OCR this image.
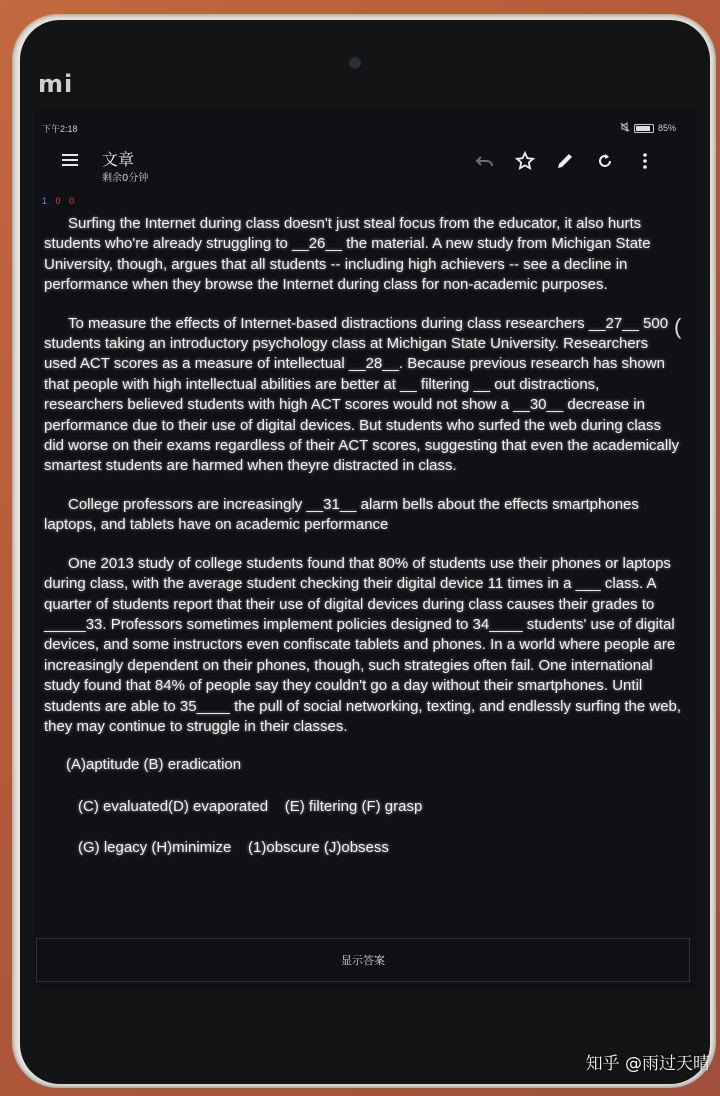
mi
下午2:18	85%
文章
剩余0分钟
1 0 0

Surfing the Internet during class doesn't just steal focus from the educator, it also hurts students who're already struggling to __26__ the material. A new study from Michigan State University, though, argues that all students -- including high achievers -- see a decline in performance when they browse the Internet during class for non-academic purposes.

To measure the effects of Internet-based distractions during class researchers __27__ 500 students taking an introductory psychology class at Michigan State University. Researchers used ACT scores as a measure of intellectual __28__. Because previous research has shown that people with high intellectual abilities are better at __ filtering __ out distractions, researchers believed students with high ACT scores would not show a __30__ decrease in performance due to their use of digital devices. But students who surfed the web during class did worse on their exams regardless of their ACT scores, suggesting that even the academically smartest students are harmed when theyre distracted in class.

College professors are increasingly __31__ alarm bells about the effects smartphones laptops, and tablets have on academic performance

One 2013 study of college students found that 80% of students use their phones or laptops during class, with the average student checking their digital device 11 times in a ___ class. A quarter of students report that their use of digital devices during class causes their grades to _____33. Professors sometimes implement policies designed to 34____ students' use of digital devices, and some instructors even confiscate tablets and phones. In a world where people are increasingly dependent on their phones, though, such strategies often fail. One international study found that 84% of people say they couldn't go a day without their smartphones. Until students are able to 35____ the pull of social networking, texting, and endlessly surfing the web, they may continue to struggle in their classes.

(A)aptitude (B) eradication
(C) evaluated(D) evaporated    (E) filtering (F) grasp
(G) legacy (H)minimize    (1)obscure (J)obsess
显示答案
(
知乎 @雨过天晴
